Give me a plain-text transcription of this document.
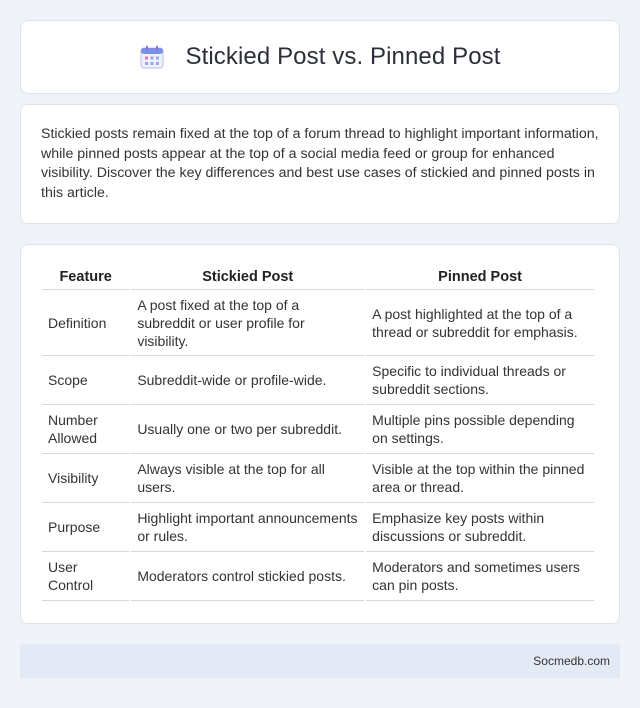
Stickied Post vs. Pinned Post

Stickied posts remain fixed at the top of a forum thread to highlight important information, while pinned posts appear at the top of a social media feed or group for enhanced visibility. Discover the key differences and best use cases of stickied and pinned posts in this article.

Feature	Stickied Post	Pinned Post
Definition	A post fixed at the top of a subreddit or user profile for visibility.	A post highlighted at the top of a thread or subreddit for emphasis.
Scope	Subreddit-wide or profile-wide.	Specific to individual threads or subreddit sections.
Number Allowed	Usually one or two per subreddit.	Multiple pins possible depending on settings.
Visibility	Always visible at the top for all users.	Visible at the top within the pinned area or thread.
Purpose	Highlight important announcements or rules.	Emphasize key posts within discussions or subreddit.
User Control	Moderators control stickied posts.	Moderators and sometimes users can pin posts.
Socmedb.com
